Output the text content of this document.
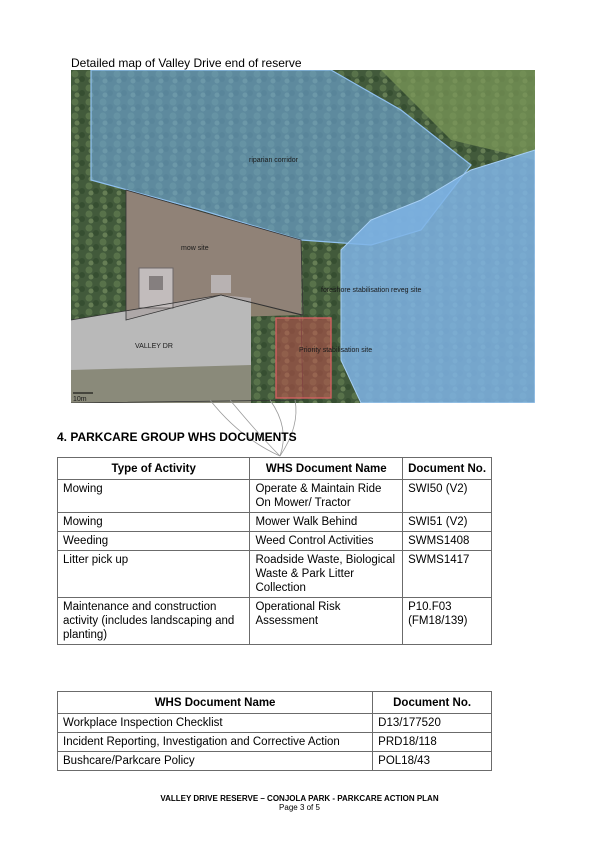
Detailed map of Valley Drive end of reserve
riparian corridor
mow site
foreshore stabilisation reveg site
VALLEY DR
Priority stabilisation site
10m
4. PARKCARE GROUP WHS DOCUMENTS
Type of Activity	WHS Document Name	Document No.
Mowing	Operate & Maintain Ride On Mower/ Tractor	SWI50 (V2)
Mowing	Mower Walk Behind	SWI51 (V2)
Weeding	Weed Control Activities	SWMS1408
Litter pick up	Roadside Waste, Biological Waste & Park Litter Collection	SWMS1417
Maintenance and construction activity (includes landscaping and planting)	Operational Risk Assessment	P10.F03 (FM18/139)
WHS Document Name	Document No.
Workplace Inspection Checklist	D13/177520
Incident Reporting, Investigation and Corrective Action	PRD18/118
Bushcare/Parkcare Policy	POL18/43
VALLEY DRIVE RESERVE – CONJOLA PARK - PARKCARE ACTION PLAN
Page 3 of 5
